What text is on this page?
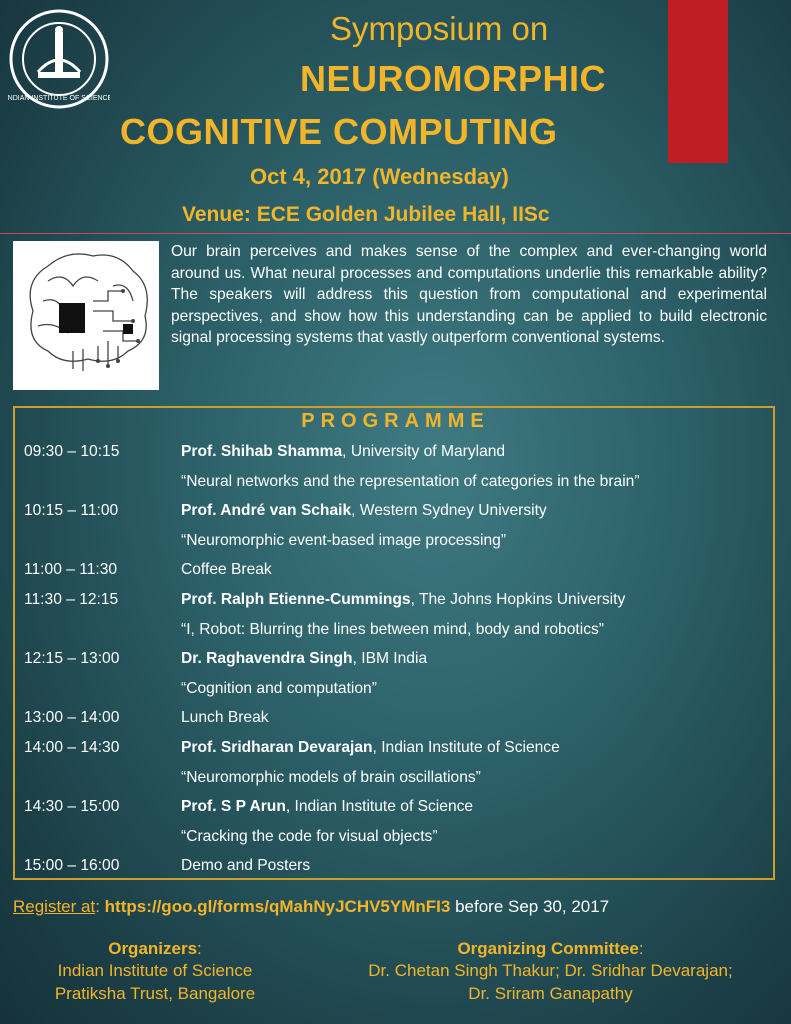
INDIAN INSTITUTE OF SCIENCE
Symposium on
NEUROMORPHIC
COGNITIVE COMPUTING
Oct 4, 2017 (Wednesday)
Venue: ECE Golden Jubilee Hall, IISc
Our brain perceives and makes sense of the complex and ever-changing world around us. What neural processes and computations underlie this remarkable ability? The speakers will address this question from computational and experimental perspectives, and show how this understanding can be applied to build electronic signal processing systems that vastly outperform conventional systems.
PROGRAMME
09:30 – 10:15	Prof. Shihab Shamma, University of Maryland
“Neural networks and the representation of categories in the brain”
10:15 – 11:00	Prof. André van Schaik, Western Sydney University
“Neuromorphic event-based image processing”
11:00 – 11:30	Coffee Break
11:30 – 12:15	Prof. Ralph Etienne-Cummings, The Johns Hopkins University
“I, Robot: Blurring the lines between mind, body and robotics”
12:15 – 13:00	Dr. Raghavendra Singh, IBM India
“Cognition and computation”
13:00 – 14:00	Lunch Break
14:00 – 14:30	Prof. Sridharan Devarajan, Indian Institute of Science
“Neuromorphic models of brain oscillations”
14:30 – 15:00	Prof. S P Arun, Indian Institute of Science
“Cracking the code for visual objects”
15:00 – 16:00	Demo and Posters
Register at: https://goo.gl/forms/qMahNyJCHV5YMnFI3 before Sep 30, 2017
Organizers:
Indian Institute of Science
Pratiksha Trust, Bangalore
Organizing Committee:
Dr. Chetan Singh Thakur; Dr. Sridhar Devarajan;
Dr. Sriram Ganapathy
